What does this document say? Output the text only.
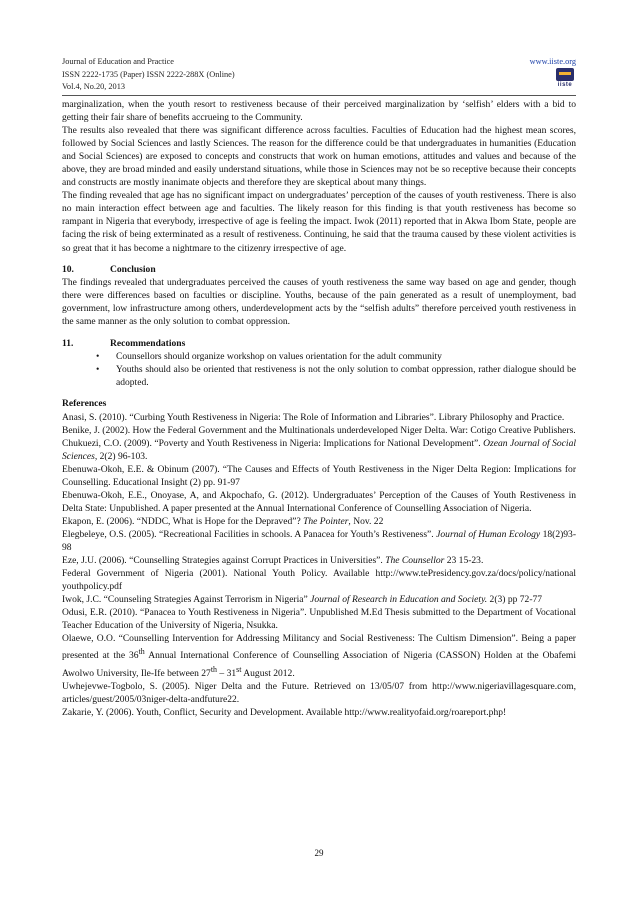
Journal of Education and Practice	www.iiste.org
ISSN 2222-1735 (Paper) ISSN 2222-288X (Online)
Vol.4, No.20, 2013	iiste

marginalization, when the youth resort to restiveness because of their perceived marginalization by ‘selfish’ elders with a bid to getting their fair share of benefits accrueing to the Community.

The results also revealed that there was significant difference across faculties. Faculties of Education had the highest mean scores, followed by Social Sciences and lastly Sciences. The reason for the difference could be that undergraduates in humanities (Education and Social Sciences) are exposed to concepts and constructs that work on human emotions, attitudes and values and because of the above, they are broad minded and easily understand situations, while those in Sciences may not be so receptive because their concepts and constructs are mostly inanimate objects and therefore they are skeptical about many things.

The finding revealed that age has no significant impact on undergraduates’ perception of the causes of youth restiveness. There is also no main interaction effect between age and faculties. The likely reason for this finding is that youth restiveness has become so rampant in Nigeria that everybody, irrespective of age is feeling the impact. Iwok (2011) reported that in Akwa Ibom State, people are facing the risk of being exterminated as a result of restiveness. Continuing, he said that the trauma caused by these violent activities is so great that it has become a nightmare to the citizenry irrespective of age.

10.	Conclusion

The findings revealed that undergraduates perceived the causes of youth restiveness the same way based on age and gender, though there were differences based on faculties or discipline. Youths, because of the pain generated as a result of unemployment, bad government, low infrastructure among others, underdevelopment acts by the “selfish adults” therefore perceived youth restiveness in the same manner as the only solution to combat oppression.

11.	Recommendations
• Counsellors should organize workshop on values orientation for the adult community
• Youths should also be oriented that restiveness is not the only solution to combat oppression, rather dialogue should be adopted.
References

Anasi, S. (2010). “Curbing Youth Restiveness in Nigeria: The Role of Information and Libraries”. Library Philosophy and Practice.

Benike, J. (2002). How the Federal Government and the Multinationals underdeveloped Niger Delta. War: Cotigo Creative Publishers.

Chukuezi, C.O. (2009). “Poverty and Youth Restiveness in Nigeria: Implications for National Development”. Ozean Journal of Social Sciences, 2(2) 96-103.

Ebenuwa-Okoh, E.E. & Obinum (2007). “The Causes and Effects of Youth Restiveness in the Niger Delta Region: Implications for Counselling. Educational Insight (2) pp. 91-97

Ebenuwa-Okoh, E.E., Onoyase, A, and Akpochafo, G. (2012). Undergraduates’ Perception of the Causes of Youth Restiveness in Delta State: Unpublished. A paper presented at the Annual International Conference of Counselling Association of Nigeria.

Ekapon, E. (2006). “NDDC, What is Hope for the Depraved”? The Pointer, Nov. 22

Elegbeleye, O.S. (2005). “Recreational Facilities in schools. A Panacea for Youth’s Restiveness”. Journal of Human Ecology 18(2)93-98

Eze, J.U. (2006). “Counselling Strategies against Corrupt Practices in Universities”. The Counsellor 23 15-23.

Federal Government of Nigeria (2001). National Youth Policy. Available http://www.tePresidency.gov.za/docs/policy/national youthpolicy.pdf

Iwok, J.C. “Counseling Strategies Against Terrorism in Nigeria” Journal of Research in Education and Society. 2(3) pp 72-77

Odusi, E.R. (2010). “Panacea to Youth Restiveness in Nigeria”. Unpublished M.Ed Thesis submitted to the Department of Vocational Teacher Education of the University of Nigeria, Nsukka.

Olaewe, O.O. “Counselling Intervention for Addressing Militancy and Social Restiveness: The Cultism Dimension”. Being a paper presented at the 36th Annual International Conference of Counselling Association of Nigeria (CASSON) Holden at the Obafemi Awolwo University, Ile-Ife between 27th – 31st August 2012.

Uwhejevwe-Togbolo, S. (2005). Niger Delta and the Future. Retrieved on 13/05/07 from http://www.nigeriavillagesquare.com, articles/guest/2005/03niger-delta-andfuture22.

Zakarie, Y. (2006). Youth, Conflict, Security and Development. Available http://www.realityofaid.org/roareport.php!

29
